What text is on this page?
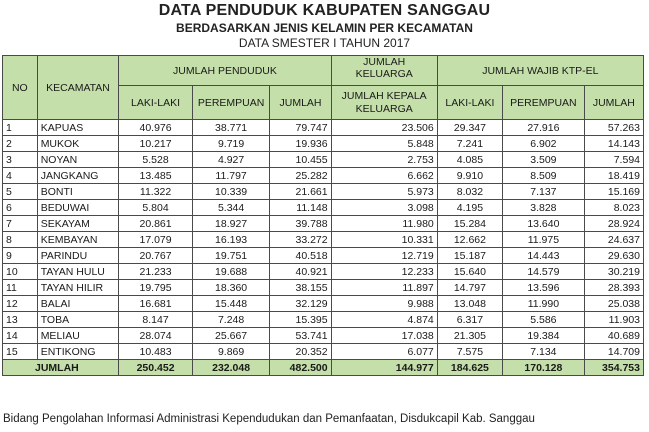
DATA PENDUDUK KABUPATEN SANGGAU
BERDASARKAN JENIS KELAMIN PER KECAMATAN
DATA SMESTER I TAHUN 2017
NO	KECAMATAN	JUMLAH PENDUDUK			JUMLAH KELUARGA	JUMLAH WAJIB KTP-EL		
		LAKI-LAKI	PEREMPUAN	JUMLAH	JUMLAH KEPALA KELUARGA	LAKI-LAKI	PEREMPUAN	JUMLAH
1	KAPUAS	40.976	38.771	79.747	23.506	29.347	27.916	57.263
2	MUKOK	10.217	9.719	19.936	5.848	7.241	6.902	14.143
3	NOYAN	5.528	4.927	10.455	2.753	4.085	3.509	7.594
4	JANGKANG	13.485	11.797	25.282	6.662	9.910	8.509	18.419
5	BONTI	11.322	10.339	21.661	5.973	8.032	7.137	15.169
6	BEDUWAI	5.804	5.344	11.148	3.098	4.195	3.828	8.023
7	SEKAYAM	20.861	18.927	39.788	11.980	15.284	13.640	28.924
8	KEMBAYAN	17.079	16.193	33.272	10.331	12.662	11.975	24.637
9	PARINDU	20.767	19.751	40.518	12.719	15.187	14.443	29.630
10	TAYAN HULU	21.233	19.688	40.921	12.233	15.640	14.579	30.219
11	TAYAN HILIR	19.795	18.360	38.155	11.897	14.797	13.596	28.393
12	BALAI	16.681	15.448	32.129	9.988	13.048	11.990	25.038
13	TOBA	8.147	7.248	15.395	4.874	6.317	5.586	11.903
14	MELIAU	28.074	25.667	53.741	17.038	21.305	19.384	40.689
15	ENTIKONG	10.483	9.869	20.352	6.077	7.575	7.134	14.709
JUMLAH		250.452	232.048	482.500	144.977	184.625	170.128	354.753
Bidang Pengolahan Informasi Administrasi Kependudukan dan Pemanfaatan, Disdukcapil Kab. Sanggau
